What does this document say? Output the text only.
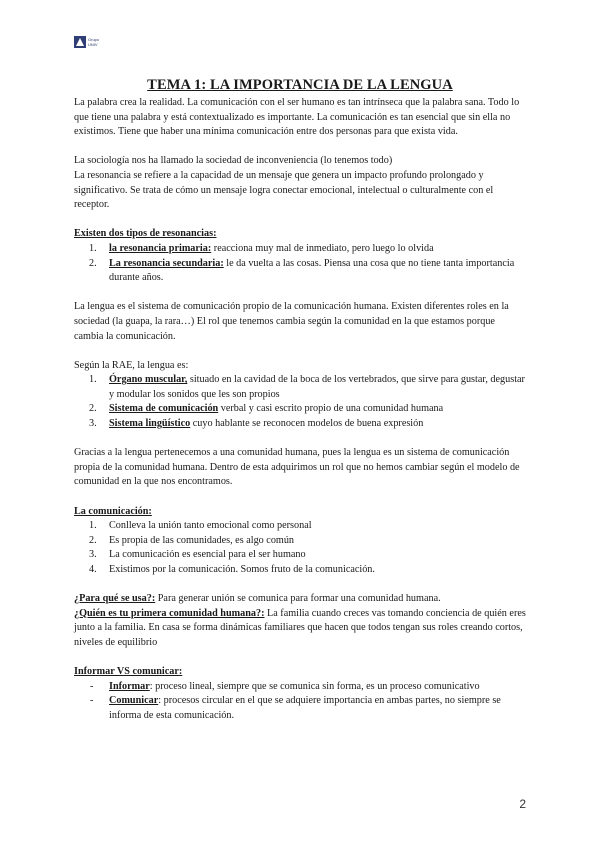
Grupo
UNIV
TEMA 1: LA IMPORTANCIA DE LA LENGUA

La palabra crea la realidad. La comunicación con el ser humano es tan intrínseca que la palabra sana. Todo lo que tiene una palabra y está contextualizado es importante. La comunicación es tan esencial que sin ella no existimos. Tiene que haber una mínima comunicación entre dos personas para que exista vida.

La sociología nos ha llamado la sociedad de inconveniencia (lo tenemos todo)

La resonancia se refiere a la capacidad de un mensaje que genera un impacto profundo prolongado y significativo. Se trata de cómo un mensaje logra conectar emocional, intelectual o culturalmente con el receptor.

Existen dos tipos de resonancias:

1. la resonancia primaria: reacciona muy mal de inmediato, pero luego lo olvida
2. La resonancia secundaria: le da vuelta a las cosas. Piensa una cosa que no tiene tanta importancia durante años.

La lengua es el sistema de comunicación propio de la comunicación humana. Existen diferentes roles en la sociedad (la guapa, la rara…) El rol que tenemos cambia según la comunidad en la que estamos porque cambia la comunicación.

Según la RAE, la lengua es:

1. Órgano muscular, situado en la cavidad de la boca de los vertebrados, que sirve para gustar, degustar y modular los sonidos que les son propios
2. Sistema de comunicación verbal y casi escrito propio de una comunidad humana
3. Sistema lingüístico cuyo hablante se reconocen modelos de buena expresión

Gracias a la lengua pertenecemos a una comunidad humana, pues la lengua es un sistema de comunicación propia de la comunidad humana. Dentro de esta adquirimos un rol que no hemos cambiar según el modelo de comunidad en la que nos encontramos.

La comunicación:

1. Conlleva la unión tanto emocional como personal
2. Es propia de las comunidades, es algo común
3. La comunicación es esencial para el ser humano
4. Existimos por la comunicación. Somos fruto de la comunicación.

¿Para qué se usa?: Para generar unión se comunica para formar una comunidad humana.

¿Quién es tu primera comunidad humana?: La familia cuando creces vas tomando conciencia de quién eres junto a la familia. En casa se forma dinámicas familiares que hacen que todos tengan sus roles creando cortos, niveles de equilibrio

Informar VS comunicar:

- Informar: proceso lineal, siempre que se comunica sin forma, es un proceso comunicativo
- Comunicar: procesos circular en el que se adquiere importancia en ambas partes, no siempre se informa de esta comunicación.
2
